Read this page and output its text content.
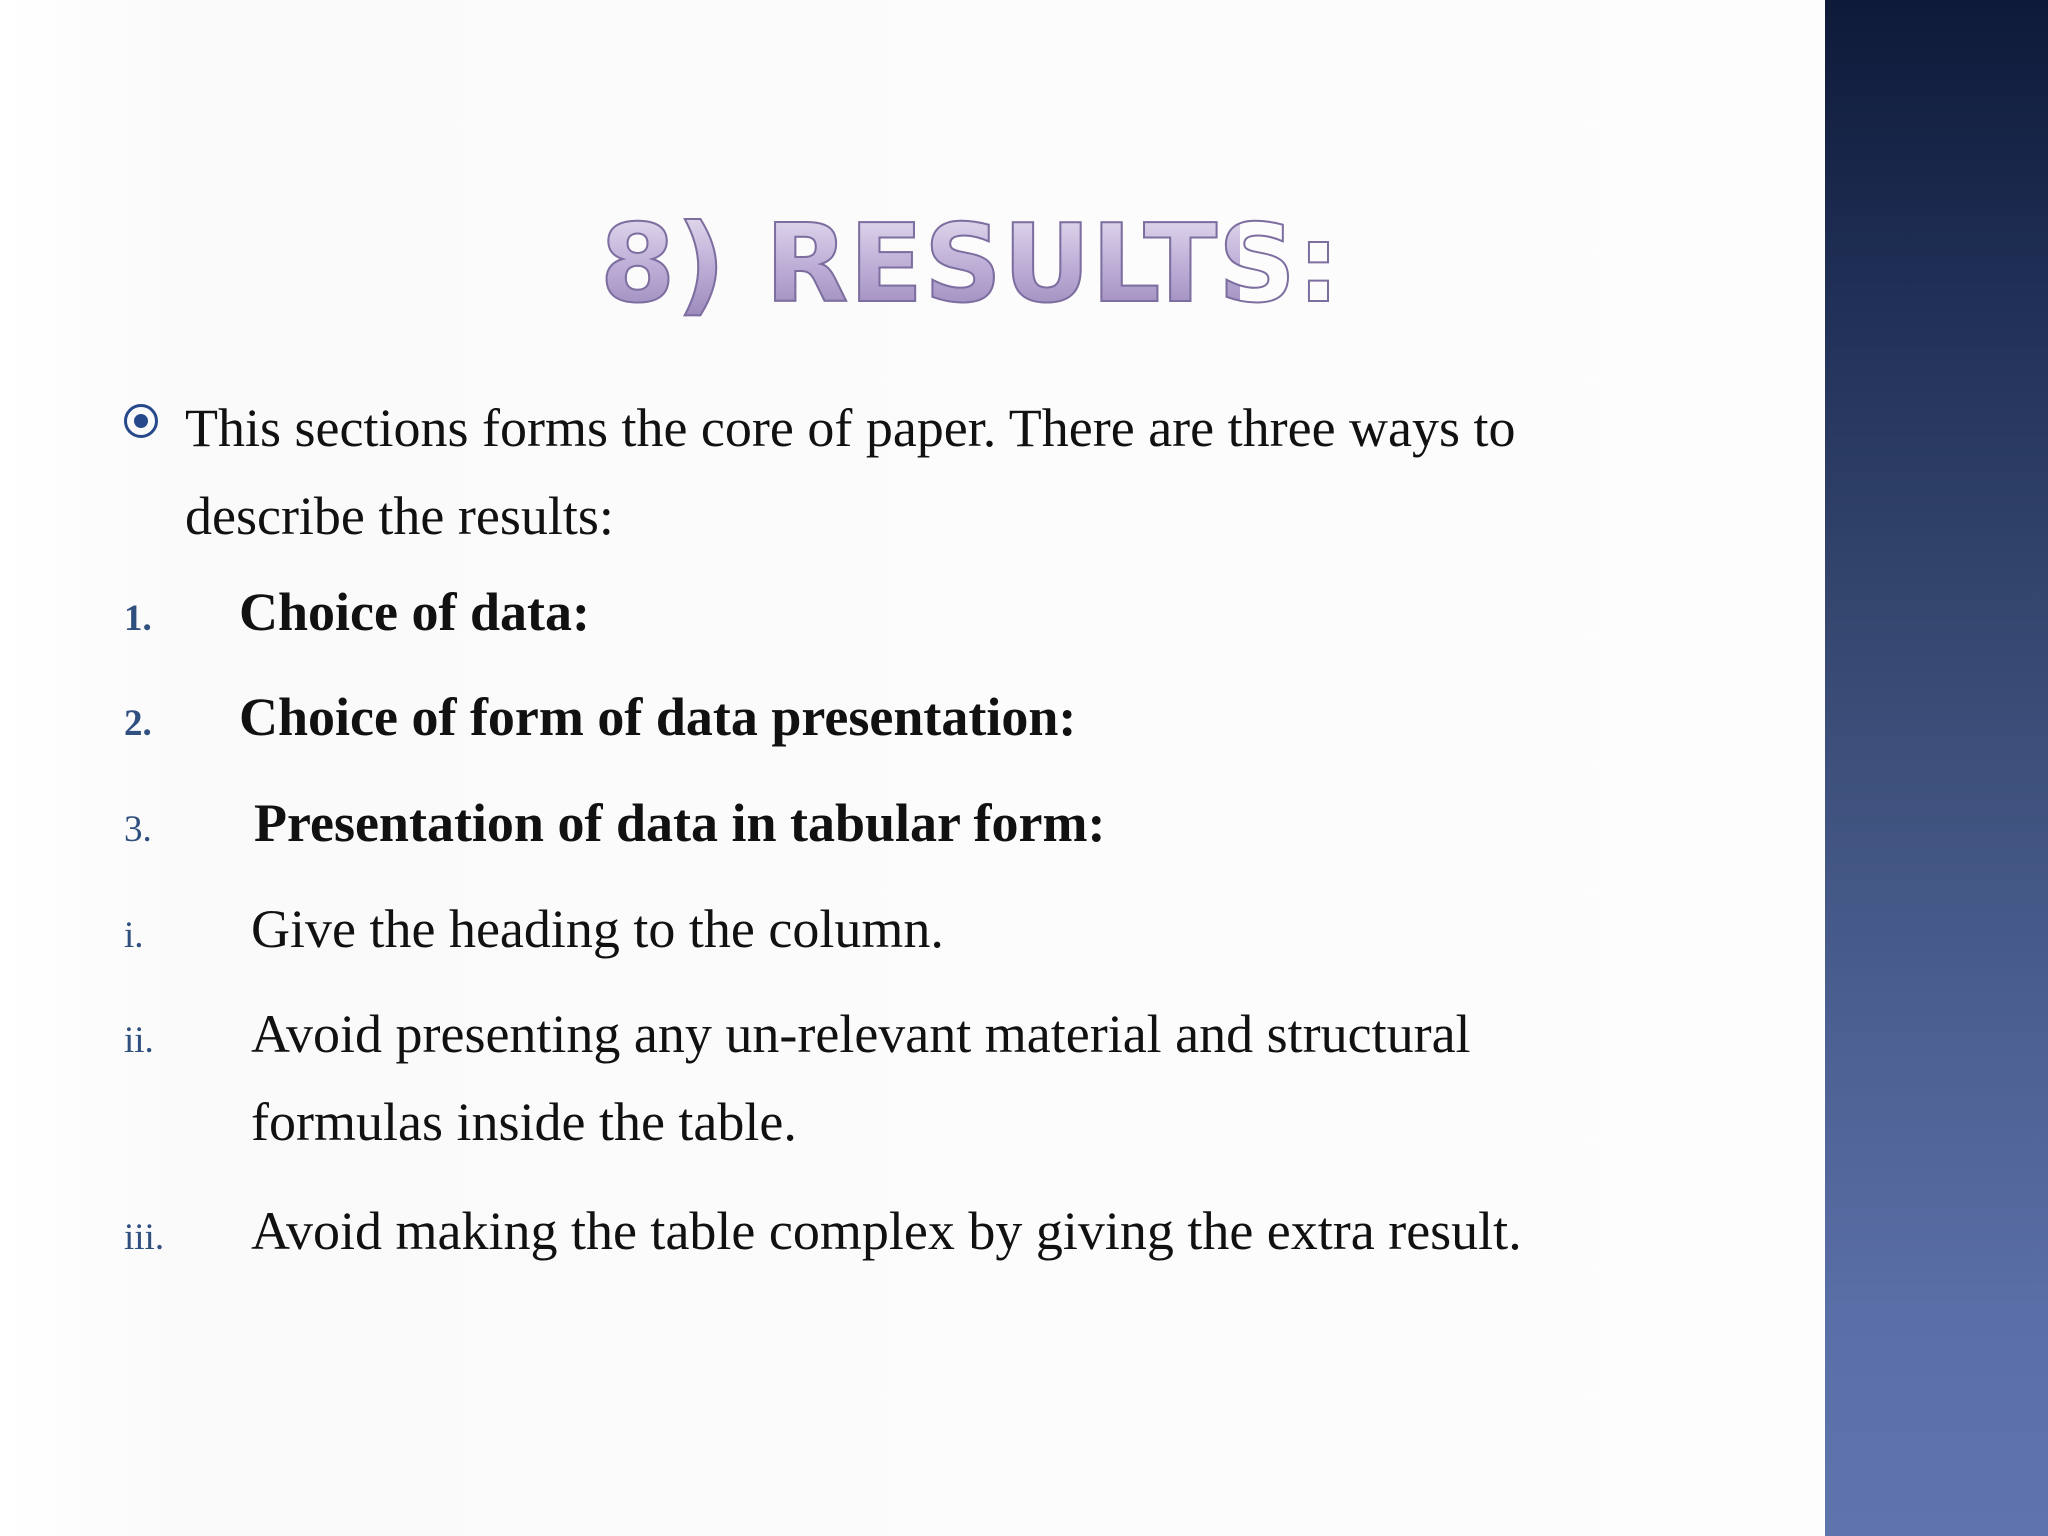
8) RESULTS:
This sections forms the core of paper. There are three ways to describe the results:
1. Choice of data:
2. Choice of form of data presentation:
3. Presentation of data in tabular form:
i. Give the heading to the column.
ii. Avoid presenting any un-relevant material and structural formulas inside the table.
iii. Avoid making the table complex by giving the extra result.
